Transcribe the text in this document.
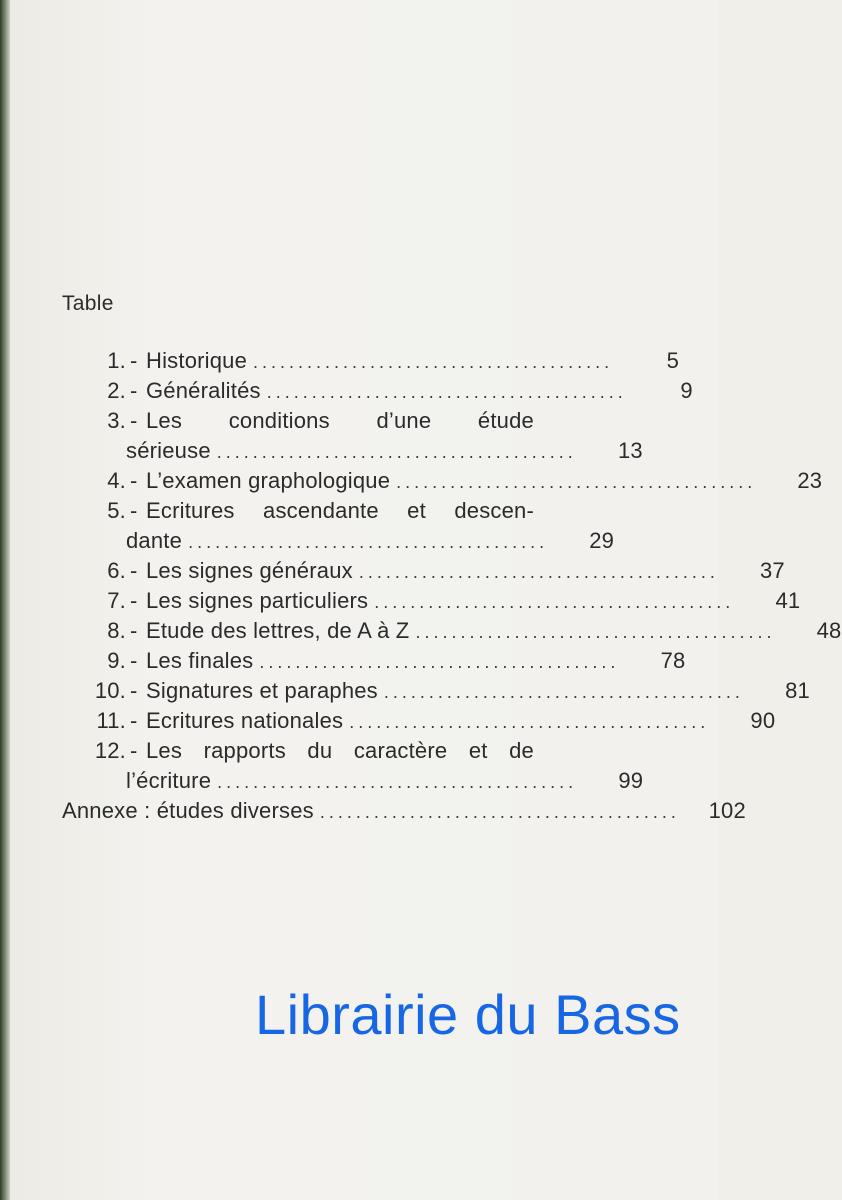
Table
1. - Historique ........................................	5
2. - Généralités ........................................	9
3. - Les conditions d’une étude
sérieuse ........................................	13
4. - L’examen graphologique ........................................	23
5. - Ecritures ascendante et descen-
dante ........................................	29
6. - Les signes généraux ........................................	37
7. - Les signes particuliers ........................................	41
8. - Etude des lettres, de A à Z ........................................	48
9. - Les finales ........................................	78
10. - Signatures et paraphes ........................................	81
11. - Ecritures nationales ........................................	90
12. - Les rapports du caractère et de
l’écriture ........................................	99
Annexe : études diverses ........................................	102
Librairie du Bass
